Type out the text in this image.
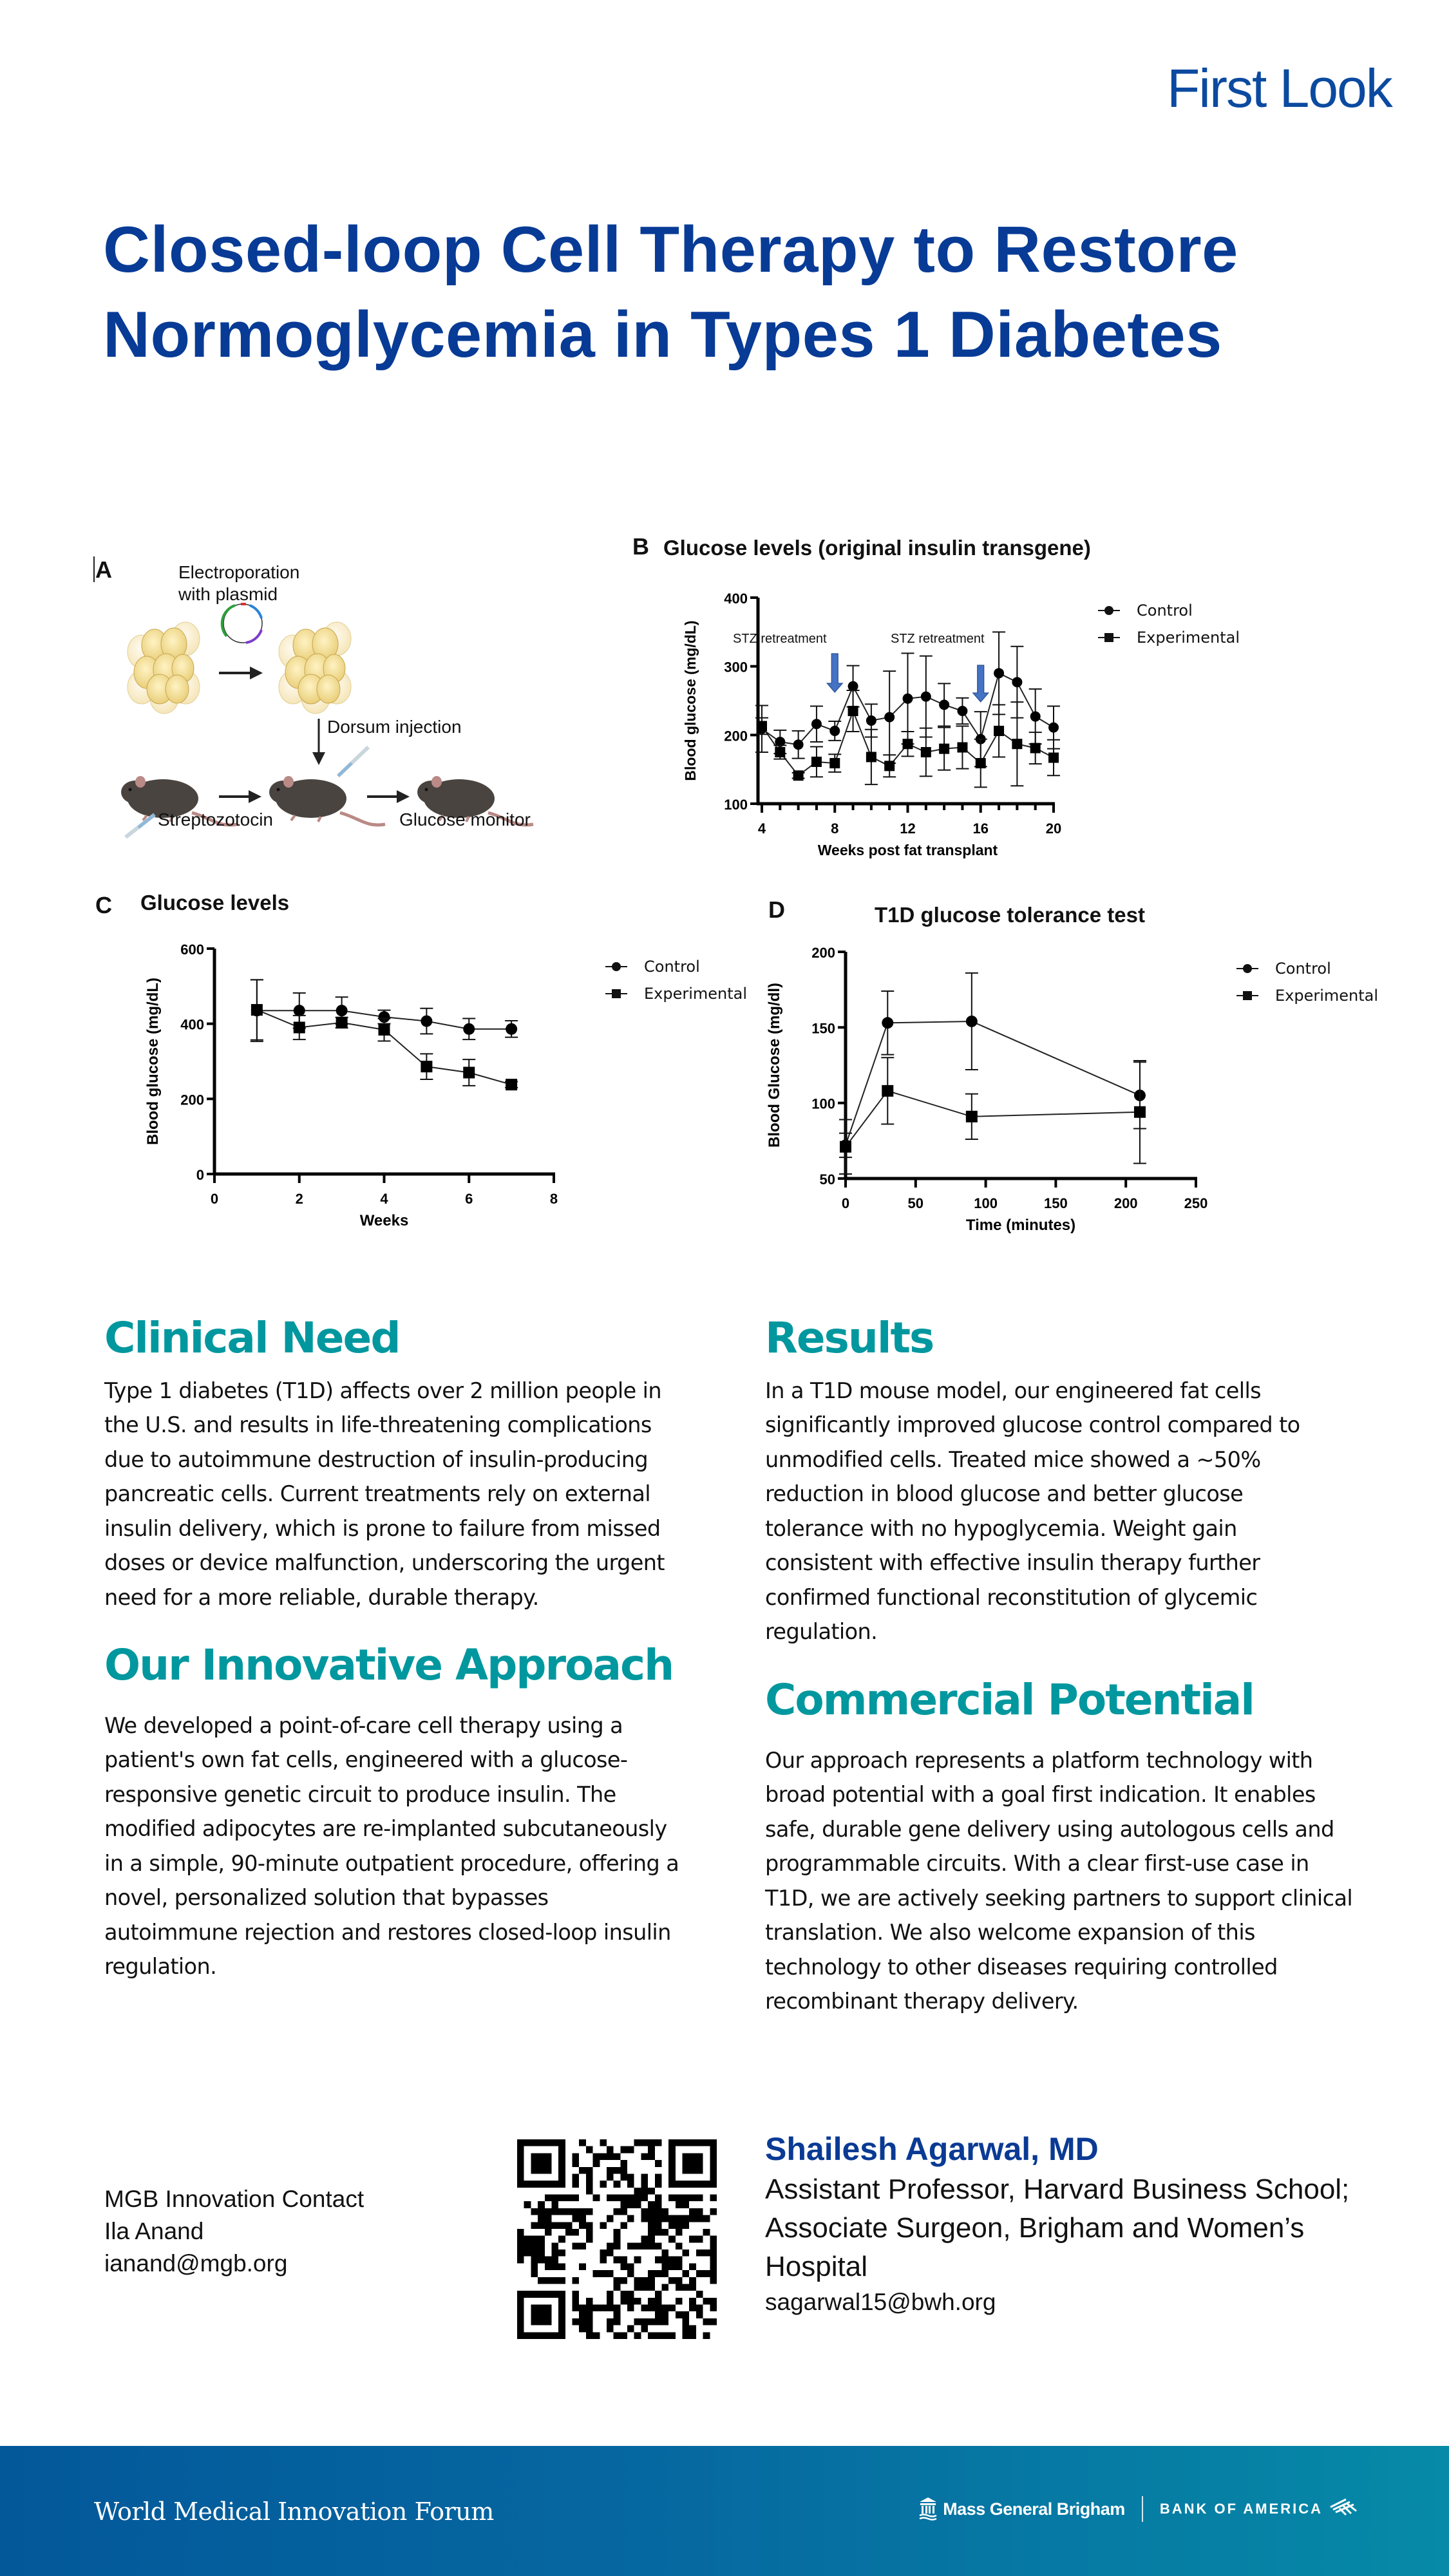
First Look
Closed-loop Cell Therapy to Restore
Normoglycemia in Types 1 Diabetes
A	Electroporation
with plasmid
Dorsum injection
Streptozotocin	Glucose monitor
B Glucose levels (original insulin transgene)
100
200
300
400
4	8	12	16	20
Weeks post fat transplant
Blood glucose (mg/dL)	STZ retreatment	STZ retreatment
Control
Experimental
C Glucose levels
0
200
400
600
0	2	4	6	8
Weeks
Blood glucose (mg/dL)
Control
Experimental
D	T1D glucose tolerance test
50
100
150
200
0	50	100	150	200	250
Time (minutes)
Blood Glucose (mg/dl)
Control
Experimental
Clinical Need

Type 1 diabetes (T1D) affects over 2 million people in the U.S. and results in life-threatening complications due to autoimmune destruction of insulin-producing pancreatic cells. Current treatments rely on external insulin delivery, which is prone to failure from missed doses or device malfunction, underscoring the urgent need for a more reliable, durable therapy.

Our Innovative Approach

We developed a point-of-care cell therapy using a patient's own fat cells, engineered with a glucose-responsive genetic circuit to produce insulin. The modified adipocytes are re-implanted subcutaneously in a simple, 90-minute outpatient procedure, offering a novel, personalized solution that bypasses autoimmune rejection and restores closed-loop insulin regulation.

Results

In a T1D mouse model, our engineered fat cells significantly improved glucose control compared to unmodified cells. Treated mice showed a ~50% reduction in blood glucose and better glucose tolerance with no hypoglycemia. Weight gain consistent with effective insulin therapy further confirmed functional reconstitution of glycemic regulation.

Commercial Potential

Our approach represents a platform technology with broad potential with a goal first indication. It enables safe, durable gene delivery using autologous cells and programmable circuits. With a clear first-use case in T1D, we are actively seeking partners to support clinical translation. We also welcome expansion of this technology to other diseases requiring controlled recombinant therapy delivery.

MGB Innovation Contact
Ila Anand
ianand@mgb.org
Shailesh Agarwal, MD
Assistant Professor, Harvard Business School; Associate Surgeon, Brigham and Women’s Hospital
sagarwal15@bwh.org
World Medical Innovation Forum	Mass General Brigham BANK OF AMERICA
